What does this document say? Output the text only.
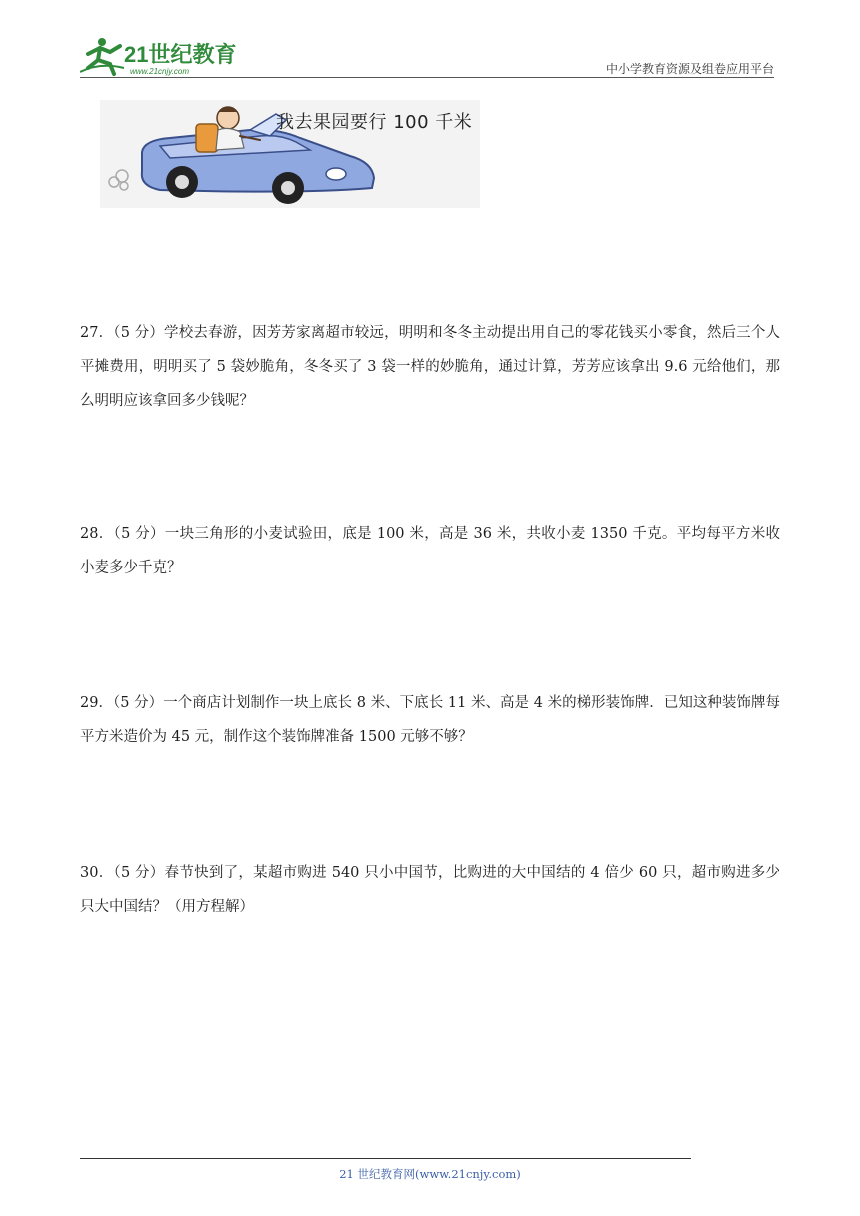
21世纪教育
www.21cnjy.com	中小学教育资源及组卷应用平台
我去果园要行 100 千米
27．（5 分）学校去春游，因芳芳家离超市较远，明明和冬冬主动提出用自己的零花钱买小零食，然后三个人平摊费用，明明买了 5 袋妙脆角，冬冬买了 3 袋一样的妙脆角，通过计算，芳芳应该拿出 9.6 元给他们，那么明明应该拿回多少钱呢？
28．（5 分）一块三角形的小麦试验田，底是 100 米，高是 36 米，共收小麦 1350 千克。平均每平方米收小麦多少千克？
29．（5 分）一个商店计划制作一块上底长 8 米、下底长 11 米、高是 4 米的梯形装饰牌．已知这种装饰牌每平方米造价为 45 元，制作这个装饰牌准备 1500 元够不够？
30．（5 分）春节快到了，某超市购进 540 只小中国节，比购进的大中国结的 4 倍少 60 只，超市购进多少只大中国结？（用方程解）
21 世纪教育网(www.21cnjy.com)
